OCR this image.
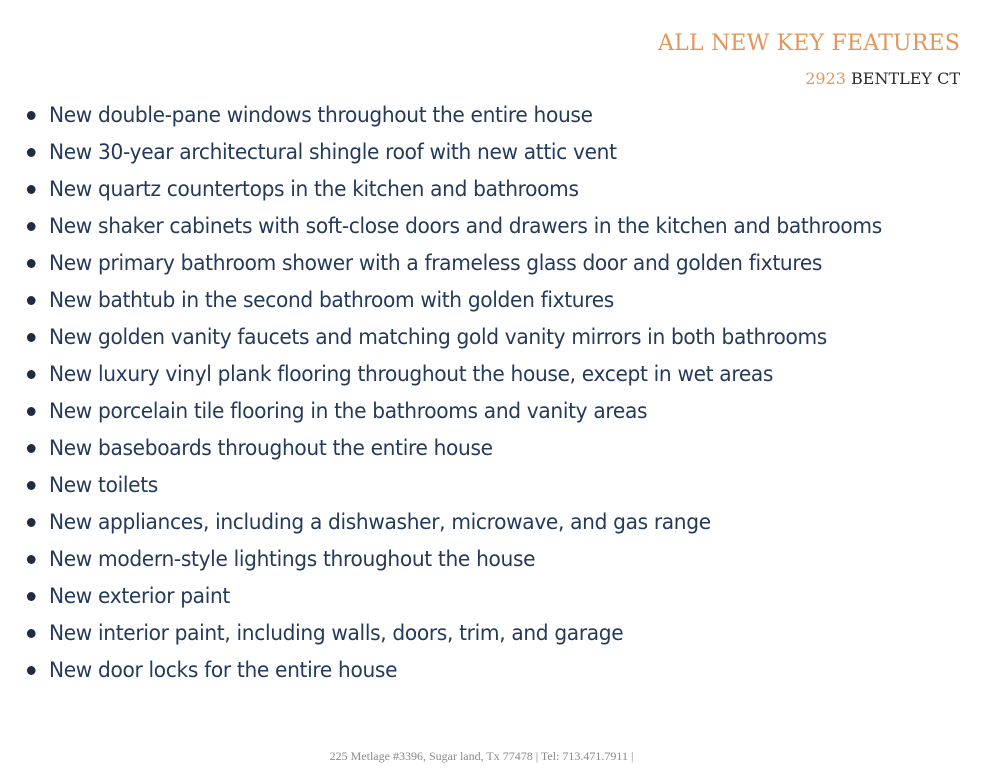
ALL NEW KEY FEATURES
2923 BENTLEY CT
New double-pane windows throughout the entire house
New 30-year architectural shingle roof with new attic vent
New quartz countertops in the kitchen and bathrooms
New shaker cabinets with soft-close doors and drawers in the kitchen and bathrooms
New primary bathroom shower with a frameless glass door and golden fixtures
New bathtub in the second bathroom with golden fixtures
New golden vanity faucets and matching gold vanity mirrors in both bathrooms
New luxury vinyl plank flooring throughout the house, except in wet areas
New porcelain tile flooring in the bathrooms and vanity areas
New baseboards throughout the entire house
New toilets
New appliances, including a dishwasher, microwave, and gas range
New modern-style lightings throughout the house
New exterior paint
New interior paint, including walls, doors, trim, and garage
New door locks for the entire house
225 Metlage #3396, Sugar land, Tx 77478 | Tel: 713.471.7911 |
